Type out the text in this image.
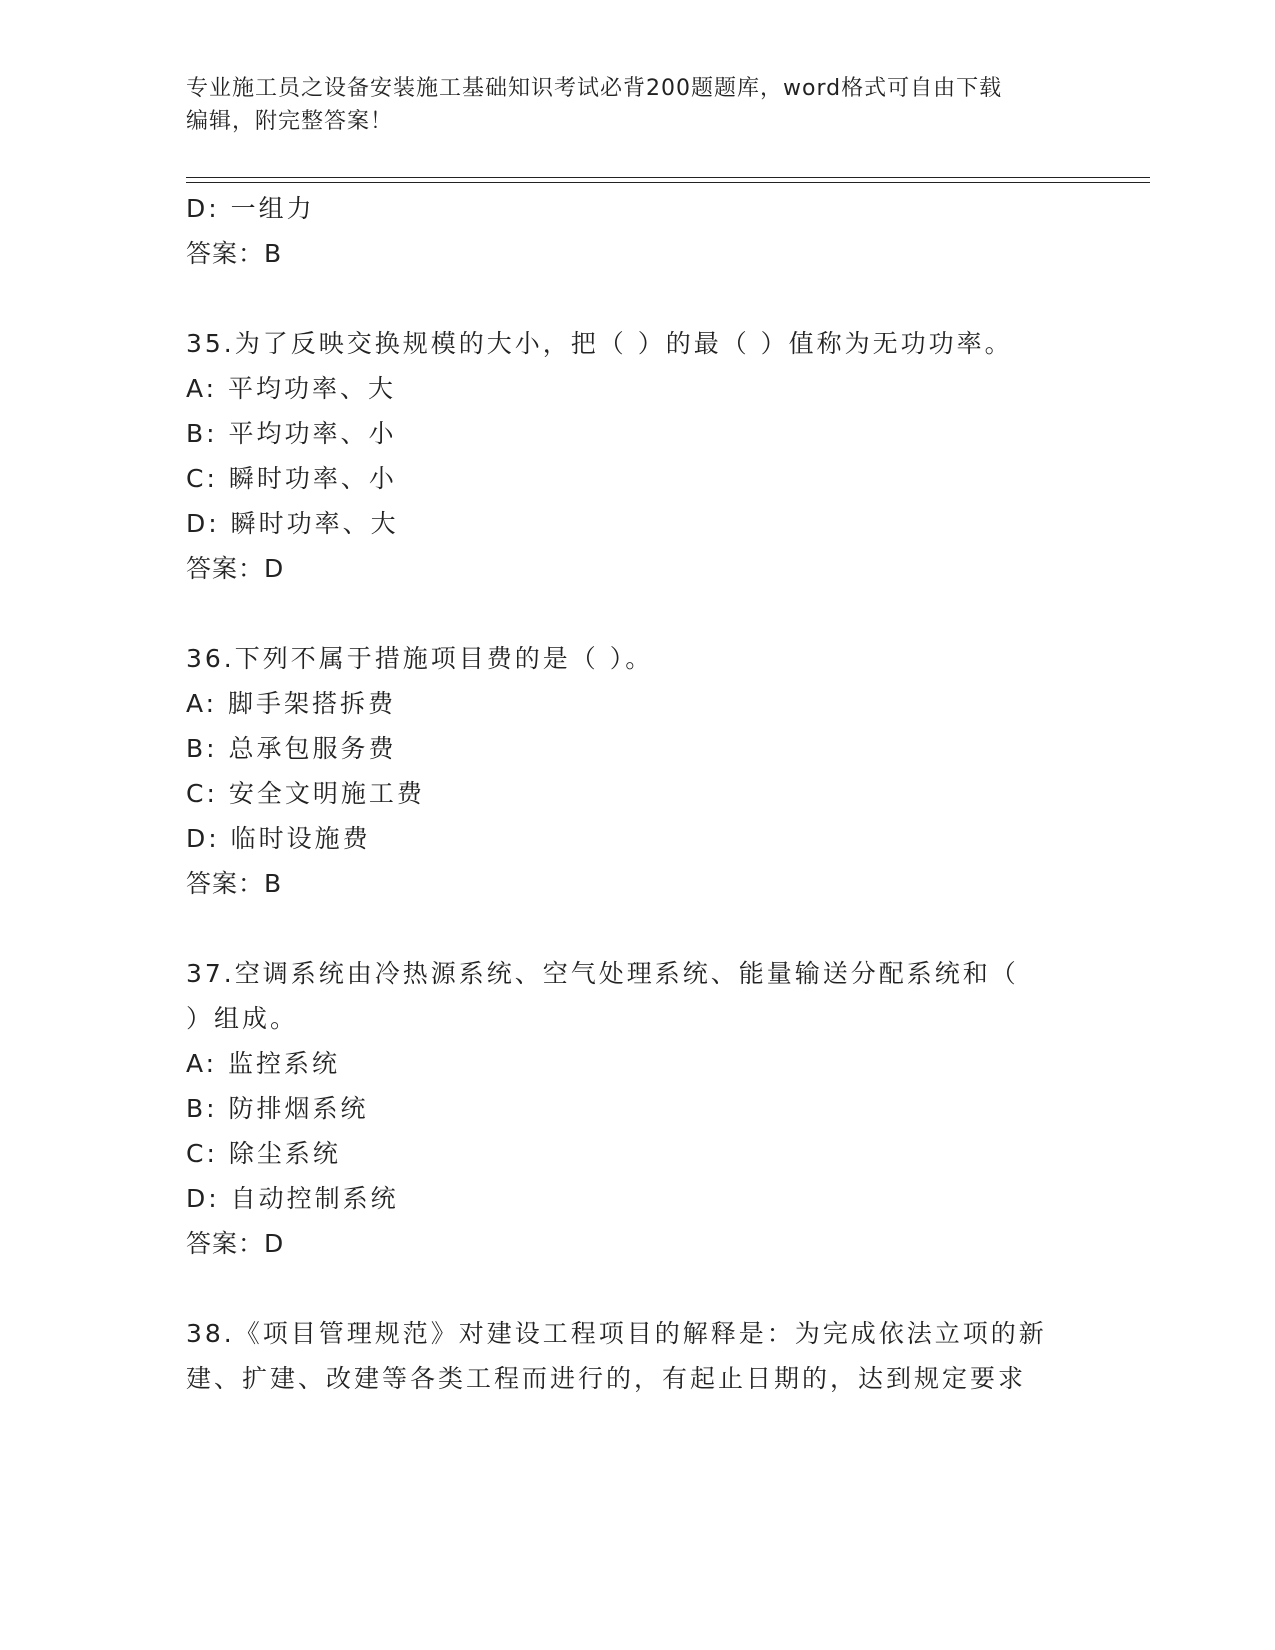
专业施工员之设备安装施工基础知识考试必背200题题库，word格式可自由下载
编辑，附完整答案！
D: 一组力
答案：B
35.为了反映交换规模的大小，把（ ）的最（ ）值称为无功功率。
A: 平均功率、大
B: 平均功率、小
C: 瞬时功率、小
D: 瞬时功率、大
答案：D
36.下列不属于措施项目费的是（ ）。
A: 脚手架搭拆费
B: 总承包服务费
C: 安全文明施工费
D: 临时设施费
答案：B
37.空调系统由冷热源系统、空气处理系统、能量输送分配系统和（
）组成。
A: 监控系统
B: 防排烟系统
C: 除尘系统
D: 自动控制系统
答案：D
38.《项目管理规范》对建设工程项目的解释是：为完成依法立项的新
建、扩建、改建等各类工程而进行的，有起止日期的，达到规定要求
